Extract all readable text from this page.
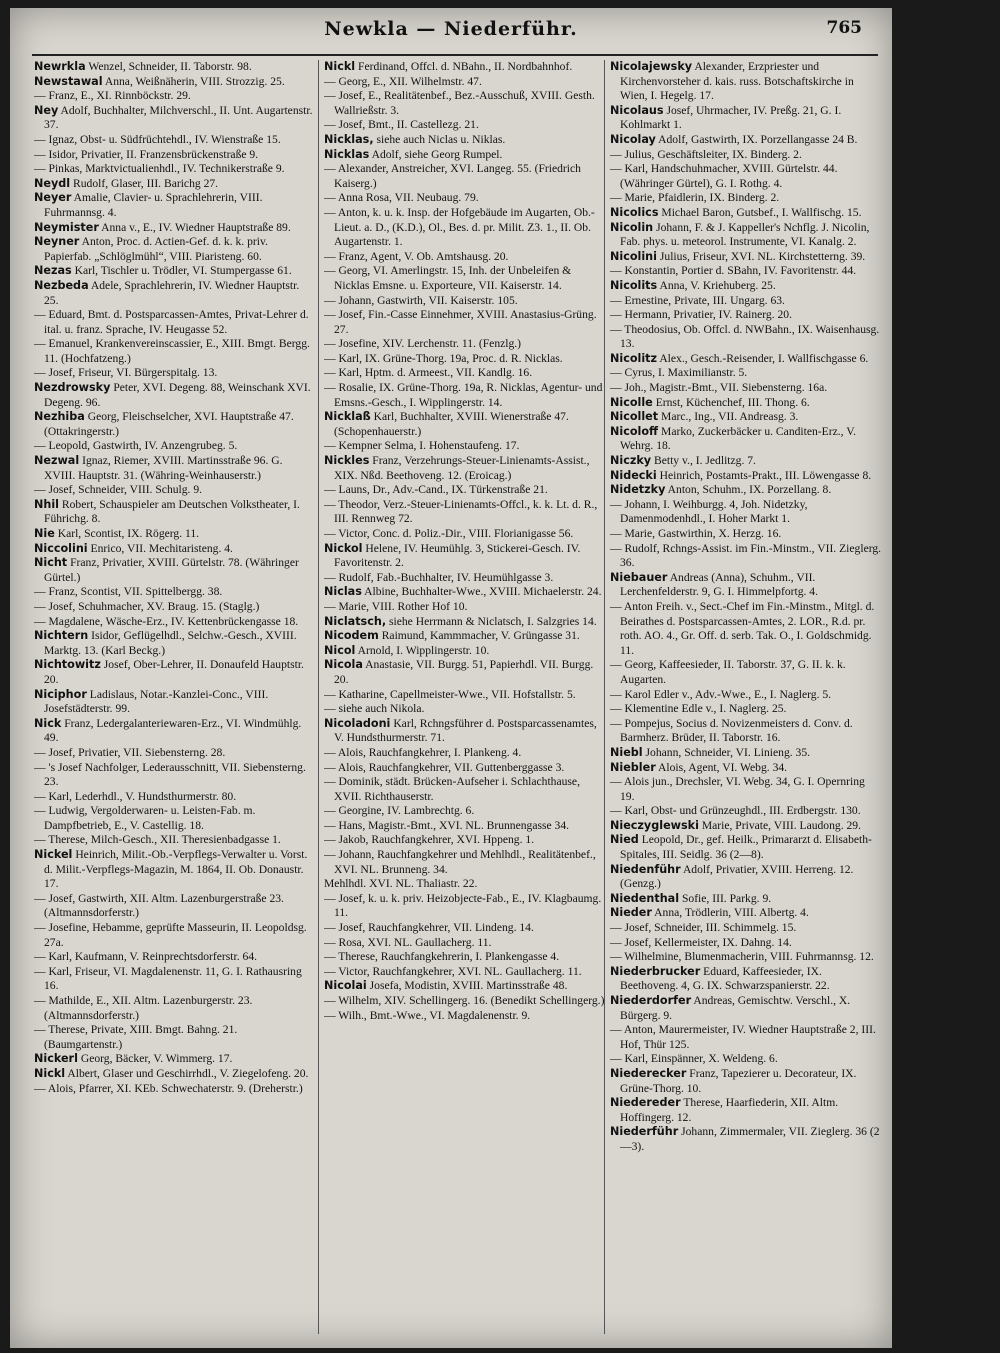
Newkla — Niederführ.	765
Newrkla Wenzel, Schneider, II. Taborstr. 98.
Newstawal Anna, Weißnäherin, VIII. Strozzig. 25.
— Franz, E., XI. Rinnböckstr. 29.
Ney Adolf, Buchhalter, Milchverschl., II. Unt. Augartenstr. 37.
— Ignaz, Obst- u. Südfrüchtehdl., IV. Wienstraße 15.
— Isidor, Privatier, II. Franzensbrückenstraße 9.
— Pinkas, Marktvictualienhdl., IV. Technikerstraße 9.
Neydl Rudolf, Glaser, III. Barichg 27.
Neyer Amalie, Clavier- u. Sprachlehrerin, VIII. Fuhrmannsg. 4.
Neymister Anna v., E., IV. Wiedner Hauptstraße 89.
Neyner Anton, Proc. d. Actien-Gef. d. k. k. priv. Papierfab. „Schlöglmühl“, VIII. Piaristeng. 60.
Nezas Karl, Tischler u. Trödler, VI. Stumpergasse 61.
Nezbeda Adele, Sprachlehrerin, IV. Wiedner Hauptstr. 25.
— Eduard, Bmt. d. Postsparcassen-Amtes, Privat-Lehrer d. ital. u. franz. Sprache, IV. Heugasse 52.
— Emanuel, Krankenvereinscassier, E., XIII. Bmgt. Bergg. 11. (Hochfatzeng.)
— Josef, Friseur, VI. Bürgerspitalg. 13.
Nezdrowsky Peter, XVI. Degeng. 88, Weinschank XVI. Degeng. 96.
Nezhiba Georg, Fleischselcher, XVI. Hauptstraße 47. (Ottakringerstr.)
— Leopold, Gastwirth, IV. Anzengrubeg. 5.
Nezwal Ignaz, Riemer, XVIII. Martinsstraße 96. G. XVIII. Hauptstr. 31. (Währing-Weinhauserstr.)
— Josef, Schneider, VIII. Schulg. 9.
Nhil Robert, Schauspieler am Deutschen Volkstheater, I. Führichg. 8.
Nie Karl, Scontist, IX. Rögerg. 11.
Niccolini Enrico, VII. Mechitaristeng. 4.
Nicht Franz, Privatier, XVIII. Gürtelstr. 78. (Währinger Gürtel.)
— Franz, Scontist, VII. Spittelbergg. 38.
— Josef, Schuhmacher, XV. Braug. 15. (Staglg.)
— Magdalene, Wäsche-Erz., IV. Kettenbrückengasse 18.
Nichtern Isidor, Geflügelhdl., Selchw.-Gesch., XVIII. Marktg. 13. (Karl Beckg.)
Nichtowitz Josef, Ober-Lehrer, II. Donaufeld Hauptstr. 20.
Niciphor Ladislaus, Notar.-Kanzlei-Conc., VIII. Josefstädterstr. 99.
Nick Franz, Ledergalanteriewaren-Erz., VI. Windmühlg. 49.
— Josef, Privatier, VII. Siebensterng. 28.
— 's Josef Nachfolger, Lederausschnitt, VII. Siebensterng. 23.
— Karl, Lederhdl., V. Hundsthurmerstr. 80.
— Ludwig, Vergolderwaren- u. Leisten-Fab. m. Dampfbetrieb, E., V. Castellig. 18.
— Therese, Milch-Gesch., XII. Theresienbadgasse 1.
Nickel Heinrich, Milit.-Ob.-Verpflegs-Verwalter u. Vorst. d. Milit.-Verpflegs-Magazin, M. 1864, II. Ob. Donaustr. 17.
— Josef, Gastwirth, XII. Altm. Lazenburgerstraße 23. (Altmannsdorferstr.)
— Josefine, Hebamme, geprüfte Masseurin, II. Leopoldsg. 27a.
— Karl, Kaufmann, V. Reinprechtsdorferstr. 64.
— Karl, Friseur, VI. Magdalenenstr. 11, G. I. Rathausring 16.
— Mathilde, E., XII. Altm. Lazenburgerstr. 23. (Altmannsdorferstr.)
— Therese, Private, XIII. Bmgt. Bahng. 21. (Baumgartenstr.)
Nickerl Georg, Bäcker, V. Wimmerg. 17.
Nickl Albert, Glaser und Geschirrhdl., V. Ziegelofeng. 20.
— Alois, Pfarrer, XI. KEb. Schwechaterstr. 9. (Dreherstr.)
Nickl Ferdinand, Offcl. d. NBahn., II. Nordbahnhof.
— Georg, E., XII. Wilhelmstr. 47.
— Josef, E., Realitätenbef., Bez.-Ausschuß, XVIII. Gesth. Wallrießstr. 3.
— Josef, Bmt., II. Castellezg. 21.
Nicklas, siehe auch Niclas u. Niklas.
Nicklas Adolf, siehe Georg Rumpel.
— Alexander, Anstreicher, XVI. Langeg. 55. (Friedrich Kaiserg.)
— Anna Rosa, VII. Neubaug. 79.
— Anton, k. u. k. Insp. der Hofgebäude im Augarten, Ob.-Lieut. a. D., (K.D.), Ol., Bes. d. pr. Milit. Z3. 1., II. Ob. Augartenstr. 1.
— Franz, Agent, V. Ob. Amtshausg. 20.
— Georg, VI. Amerlingstr. 15, Inh. der Unbeleifen & Nicklas Emsne. u. Exporteure, VII. Kaiserstr. 14.
— Johann, Gastwirth, VII. Kaiserstr. 105.
— Josef, Fin.-Casse Einnehmer, XVIII. Anastasius-Grüng. 27.
— Josefine, XIV. Lerchenstr. 11. (Fenzlg.)
— Karl, IX. Grüne-Thorg. 19a, Proc. d. R. Nicklas.
— Karl, Hptm. d. Armeest., VII. Kandlg. 16.
— Rosalie, IX. Grüne-Thorg. 19a, R. Nicklas, Agentur- und Emsns.-Gesch., I. Wipplingerstr. 14.
Nicklaß Karl, Buchhalter, XVIII. Wienerstraße 47. (Schopenhauerstr.)
— Kempner Selma, I. Hohenstaufeng. 17.
Nickles Franz, Verzehrungs-Steuer-Linienamts-Assist., XIX. Nßd. Beethoveng. 12. (Eroicag.)
— Launs, Dr., Adv.-Cand., IX. Türkenstraße 21.
— Theodor, Verz.-Steuer-Linienamts-Offcl., k. k. Lt. d. R., III. Rennweg 72.
— Victor, Conc. d. Poliz.-Dir., VIII. Florianigasse 56.
Nickol Helene, IV. Heumühlg. 3, Stickerei-Gesch. IV. Favoritenstr. 2.
— Rudolf, Fab.-Buchhalter, IV. Heumühlgasse 3.
Niclas Albine, Buchhalter-Wwe., XVIII. Michaelerstr. 24.
— Marie, VIII. Rother Hof 10.
Niclatsch, siehe Herrmann & Niclatsch, I. Salzgries 14.
Nicodem Raimund, Kammmacher, V. Grüngasse 31.
Nicol Arnold, I. Wipplingerstr. 10.
Nicola Anastasie, VII. Burgg. 51, Papierhdl. VII. Burgg. 20.
— Katharine, Capellmeister-Wwe., VII. Hofstallstr. 5.
— siehe auch Nikola.
Nicoladoni Karl, Rchngsführer d. Postsparcassenamtes, V. Hundsthurmerstr. 71.
— Alois, Rauchfangkehrer, I. Plankeng. 4.
— Alois, Rauchfangkehrer, VII. Guttenberggasse 3.
— Dominik, städt. Brücken-Aufseher i. Schlachthause, XVII. Richthauserstr.
— Georgine, IV. Lambrechtg. 6.
— Hans, Magistr.-Bmt., XVI. NL. Brunnengasse 34.
— Jakob, Rauchfangkehrer, XVI. Hppeng. 1.
— Johann, Rauchfangkehrer und Mehlhdl., Realitätenbef., XVI. NL. Brunneng. 34.
Mehlhdl. XVI. NL. Thaliastr. 22.
— Josef, k. u. k. priv. Heizobjecte-Fab., E., IV. Klagbaumg. 11.
— Josef, Rauchfangkehrer, VII. Lindeng. 14.
— Rosa, XVI. NL. Gaullacherg. 11.
— Therese, Rauchfangkehrerin, I. Plankengasse 4.
— Victor, Rauchfangkehrer, XVI. NL. Gaullacherg. 11.
Nicolai Josefa, Modistin, XVIII. Martinsstraße 48.
— Wilhelm, XIV. Schellingerg. 16. (Benedikt Schellingerg.)
— Wilh., Bmt.-Wwe., VI. Magdalenenstr. 9.
Nicolajewsky Alexander, Erzpriester und Kirchenvorsteher d. kais. russ. Botschaftskirche in Wien, I. Hegelg. 17.
Nicolaus Josef, Uhrmacher, IV. Preßg. 21, G. I. Kohlmarkt 1.
Nicolay Adolf, Gastwirth, IX. Porzellangasse 24 B.
— Julius, Geschäftsleiter, IX. Binderg. 2.
— Karl, Handschuhmacher, XVIII. Gürtelstr. 44. (Währinger Gürtel), G. I. Rothg. 4.
— Marie, Pfaidlerin, IX. Binderg. 2.
Nicolics Michael Baron, Gutsbef., I. Wallfischg. 15.
Nicolin Johann, F. & J. Kappeller's Nchflg. J. Nicolin, Fab. phys. u. meteorol. Instrumente, VI. Kanalg. 2.
Nicolini Julius, Friseur, XVI. NL. Kirchstetterng. 39.
— Konstantin, Portier d. SBahn, IV. Favoritenstr. 44.
Nicolits Anna, V. Kriehuberg. 25.
— Ernestine, Private, III. Ungarg. 63.
— Hermann, Privatier, IV. Rainerg. 20.
— Theodosius, Ob. Offcl. d. NWBahn., IX. Waisenhausg. 13.
Nicolitz Alex., Gesch.-Reisender, I. Wallfischgasse 6.
— Cyrus, I. Maximilianstr. 5.
— Joh., Magistr.-Bmt., VII. Siebensterng. 16a.
Nicolle Ernst, Küchenchef, III. Thong. 6.
Nicollet Marc., Ing., VII. Andreasg. 3.
Nicoloff Marko, Zuckerbäcker u. Canditen-Erz., V. Wehrg. 18.
Niczky Betty v., I. Jedlitzg. 7.
Nidecki Heinrich, Postamts-Prakt., III. Löwengasse 8.
Nidetzky Anton, Schuhm., IX. Porzellang. 8.
— Johann, I. Weihburgg. 4, Joh. Nidetzky, Damenmodenhdl., I. Hoher Markt 1.
— Marie, Gastwirthin, X. Herzg. 16.
— Rudolf, Rchngs-Assist. im Fin.-Minstm., VII. Zieglerg. 36.
Niebauer Andreas (Anna), Schuhm., VII. Lerchenfelderstr. 9, G. I. Himmelpfortg. 4.
— Anton Freih. v., Sect.-Chef im Fin.-Minstm., Mitgl. d. Beirathes d. Postsparcassen-Amtes, 2. LOR., R.d. pr. roth. AO. 4., Gr. Off. d. serb. Tak. O., I. Goldschmidg. 11.
— Georg, Kaffeesieder, II. Taborstr. 37, G. II. k. k. Augarten.
— Karol Edler v., Adv.-Wwe., E., I. Naglerg. 5.
— Klementine Edle v., I. Naglerg. 25.
— Pompejus, Socius d. Novizenmeisters d. Conv. d. Barmherz. Brüder, II. Taborstr. 16.
Niebl Johann, Schneider, VI. Linieng. 35.
Niebler Alois, Agent, VI. Webg. 34.
— Alois jun., Drechsler, VI. Webg. 34, G. I. Opernring 19.
— Karl, Obst- und Grünzeughdl., III. Erdbergstr. 130.
Nieczyglewski Marie, Private, VIII. Laudong. 29.
Nied Leopold, Dr., gef. Heilk., Primararzt d. Elisabeth-Spitales, III. Seidlg. 36 (2—8).
Niedenführ Adolf, Privatier, XVIII. Herreng. 12. (Genzg.)
Niedenthal Sofie, III. Parkg. 9.
Nieder Anna, Trödlerin, VIII. Albertg. 4.
— Josef, Schneider, III. Schimmelg. 15.
— Josef, Kellermeister, IX. Dahng. 14.
— Wilhelmine, Blumenmacherin, VIII. Fuhrmannsg. 12.
Niederbrucker Eduard, Kaffeesieder, IX. Beethoveng. 4, G. IX. Schwarzspanierstr. 22.
Niederdorfer Andreas, Gemischtw. Verschl., X. Bürgerg. 9.
— Anton, Maurermeister, IV. Wiedner Hauptstraße 2, III. Hof, Thür 125.
— Karl, Einspänner, X. Weldeng. 6.
Niederecker Franz, Tapezierer u. Decorateur, IX. Grüne-Thorg. 10.
Niedereder Therese, Haarfiederin, XII. Altm. Hoffingerg. 12.
Niederführ Johann, Zimmermaler, VII. Zieglerg. 36 (2—3).
